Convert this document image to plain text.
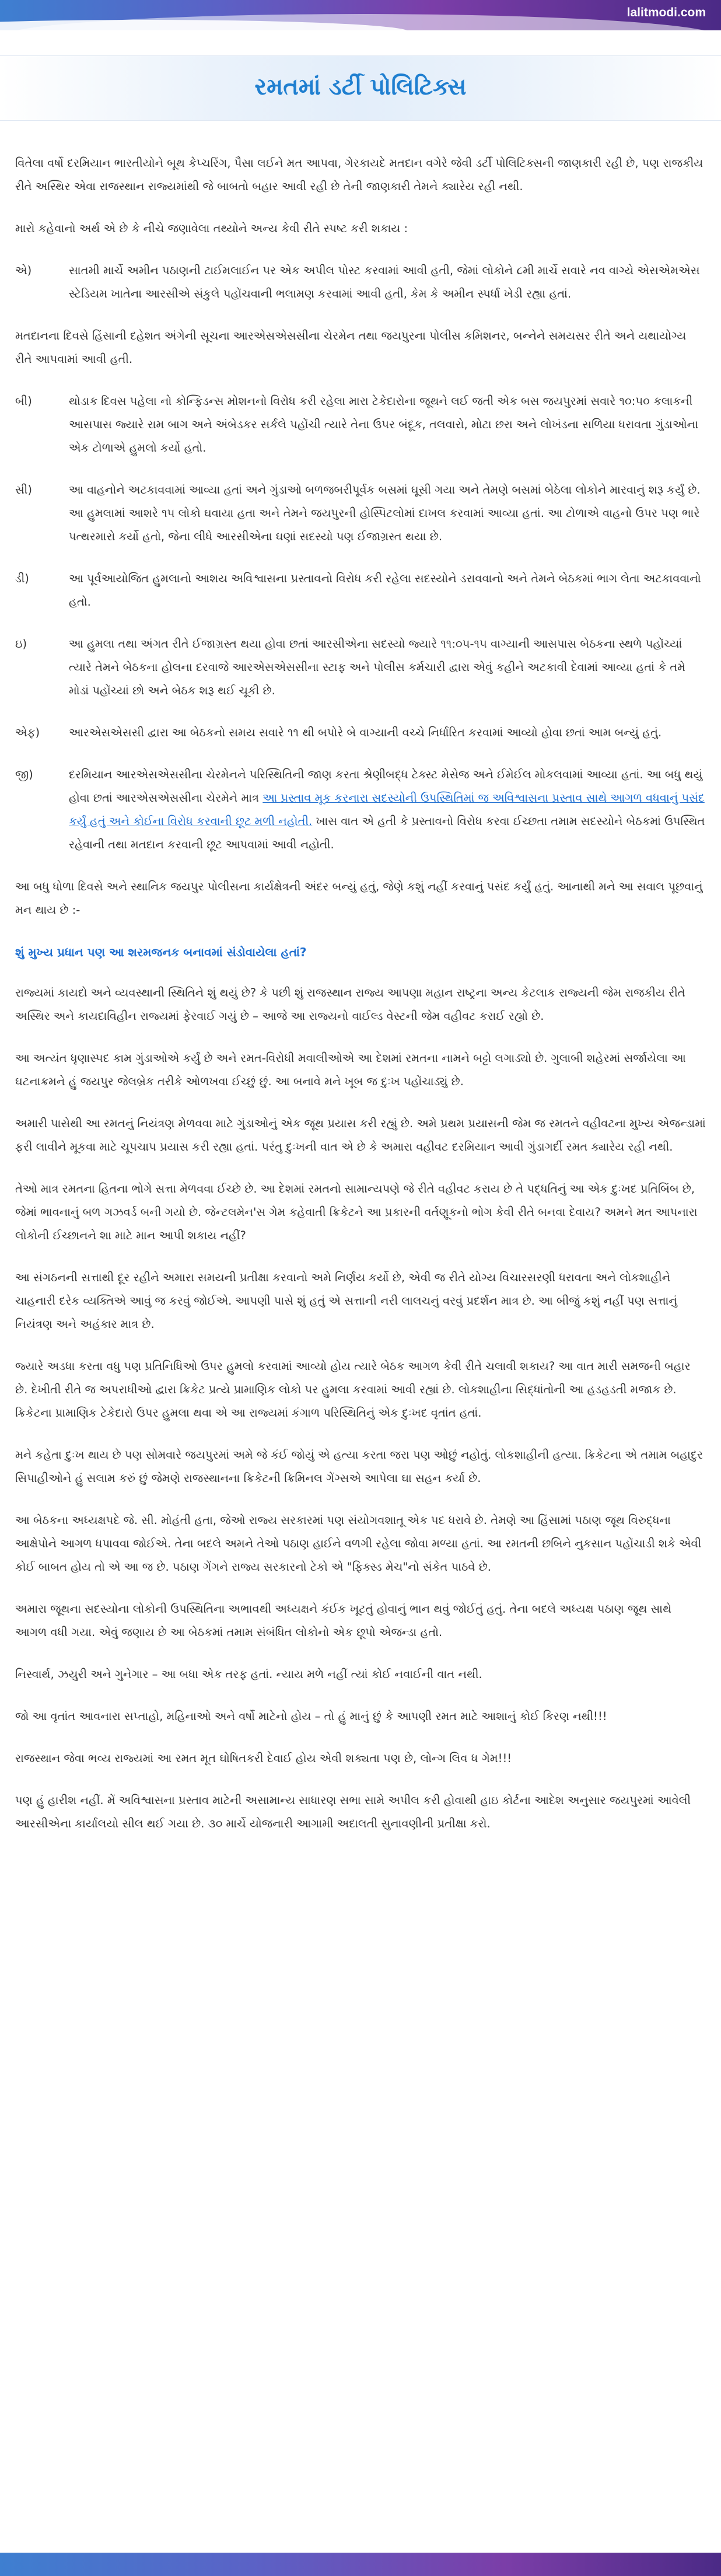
lalitmodi.com
રમતમાં ડર્ટી પોલિટિક્સ

વિતેલા વર્ષો દરમિયાન ભારતીયોને બૂથ કેપ્ચરિંગ, પૈસા લઈને મત આપવા, ગેરકાયદે મતદાન વગેરે જેવી ડર્ટી પોલિટિક્સની જાણકારી રહી છે, પણ રાજકીય રીતે અસ્થિર એવા રાજસ્થાન રાજ્યમાંથી જે બાબતો બહાર આવી રહી છે તેની જાણકારી તેમને ક્યારેય રહી નથી.

મારો કહેવાનો અર્થ એ છે કે નીચે જણાવેલા તથ્યોને અન્ય કેવી રીતે સ્પષ્ટ કરી શકાય :

એ)	સાતમી માર્ચે અમીન પઠાણની ટાઈમલાઈન પર એક અપીલ પોસ્ટ કરવામાં આવી હતી, જેમાં લોકોને ૮મી માર્ચે સવારે નવ વાગ્યે એસએમએસ સ્ટેડિયમ ખાતેના આરસીએ સંકુલે પહોંચવાની ભલામણ કરવામાં આવી હતી, કેમ કે અમીન સ્પર્ધા ખેડી રહ્યા હતાં.

મતદાનના દિવસે હિંસાની દહેશત અંગેની સૂચના આરએસએસસીના ચેરમેન તથા જયપુરના પોલીસ કમિશનર, બન્નેને સમયસર રીતે અને યથાયોગ્ય રીતે આપવામાં આવી હતી.

બી)	થોડાક દિવસ પહેલા નો કોન્ફિડન્સ મોશનનો વિરોધ કરી રહેલા મારા ટેકેદારોના જૂથને લઈ જતી એક બસ જયપુરમાં સવારે ૧૦:૫૦ કલાકની આસપાસ જ્યારે રામ બાગ અને અંબેડકર સર્કલે પહોંચી ત્યારે તેના ઉપર બંદૂક, તલવારો, મોટા છરા અને લોખંડના સળિયા ધરાવતા ગુંડાઓના એક ટોળાએ હુમલો કર્યો હતો.

સી)	આ વાહનોને અટકાવવામાં આવ્યા હતાં અને ગુંડાઓ બળજબરીપૂર્વક બસમાં ઘૂસી ગયા અને તેમણે બસમાં બેઠેલા લોકોને મારવાનું શરૂ કર્યું છે. આ હુમલામાં આશરે ૧૫ લોકો ઘવાયા હતા અને તેમને જયપુરની હોસ્પિટલોમાં દાખલ કરવામાં આવ્યા હતાં. આ ટોળાએ વાહનો ઉપર પણ ભારે પત્થરમારો કર્યો હતો, જેના લીધે આરસીએના ઘણાં સદસ્યો પણ ઈજાગ્રસ્ત થયા છે.

ડી)	આ પૂર્વઆયોજિત હુમલાનો આશય અવિશ્વાસના પ્રસ્તાવનો વિરોધ કરી રહેલા સદસ્યોને ડરાવવાનો અને તેમને બેઠકમાં ભાગ લેતા અટકાવવાનો હતો.

ઇ)	આ હુમલા તથા અંગત રીતે ઈજાગ્રસ્ત થયા હોવા છતાં આરસીએના સદસ્યો જ્યારે ૧૧:૦૫-૧૫ વાગ્યાની આસપાસ બેઠકના સ્થળે પહોંચ્યાં ત્યારે તેમને બેઠકના હોલના દરવાજે આરએસએસસીના સ્ટાફ અને પોલીસ કર્મચારી દ્વારા એવું કહીને અટકાવી દેવામાં આવ્યા હતાં કે તમે મોડાં પહોંચ્યાં છો અને બેઠક શરૂ થઈ ચૂકી છે.

એફ)	આરએસએસસી દ્વારા આ બેઠકનો સમય સવારે ૧૧ થી બપોરે બે વાગ્યાની વચ્ચે નિર્ધારિત કરવામાં આવ્યો હોવા છતાં આમ બન્યું હતું.

જી)	દરમિયાન આરએસએસસીના ચેરમેનને પરિસ્થિતિની જાણ કરતા શ્રેણીબદ્ધ ટેક્સ્ટ મેસેજ અને ઈમેઈલ મોકલવામાં આવ્યા હતાં. આ બધુ થયું હોવા છતાં આરએસએસસીના ચેરમેને માત્ર આ પ્રસ્તાવ મૂક કરનારા સદસ્યોની ઉપસ્થિતિમાં જ અવિશ્વાસના પ્રસ્તાવ સાથે આગળ વધવાનું પસંદ કર્યું હતું અને કોઈના વિરોધ કરવાની છૂટ મળી નહોતી. ખાસ વાત એ હતી કે પ્રસ્તાવનો વિરોધ કરવા ઈચ્છતા તમામ સદસ્યોને બેઠકમાં ઉપસ્થિત રહેવાની તથા મતદાન કરવાની છૂટ આપવામાં આવી નહોતી.

આ બધુ ધોળા દિવસે અને સ્થાનિક જયપુર પોલીસના કાર્યક્ષેત્રની અંદર બન્યું હતું, જેણે કશું નહીં કરવાનું પસંદ કર્યું હતું. આનાથી મને આ સવાલ પૂછવાનું મન થાય છે :-

શું મુખ્ય પ્રધાન પણ આ શરમજનક બનાવમાં સંડોવાયેલા હતાં?

રાજ્યમાં કાયદો અને વ્યવસ્થાની સ્થિતિને શું થયું છે? કે પછી શું રાજસ્થાન રાજ્ય આપણા મહાન રાષ્ટ્રના અન્ય કેટલાક રાજ્યની જેમ રાજકીય રીતે અસ્થિર અને કાયદાવિહીન રાજ્યમાં ફેરવાઈ ગયું છે – આજે આ રાજ્યનો વાઈલ્ડ વેસ્ટની જેમ વહીવટ કરાઈ રહ્યો છે.

આ અત્યંત ધૃણાસ્પદ કામ ગુંડાઓએ કર્યું છે અને રમત-વિરોધી મવાલીઓએ આ દેશમાં રમતના નામને બટ્ટો લગાડ્યો છે. ગુલાબી શહેરમાં સર્જાયેલા આ ઘટનાક્રમને હું જયપુર જેલબ્રેક તરીકે ઓળખવા ઈચ્છું છું. આ બનાવે મને ખૂબ જ દુઃખ પહોંચાડ્યું છે.

અમારી પાસેથી આ રમતનું નિયંત્રણ મેળવવા માટે ગુંડાઓનું એક જૂથ પ્રયાસ કરી રહ્યું છે. અમે પ્રથમ પ્રયાસની જેમ જ રમતને વહીવટના મુખ્ય એજન્ડામાં ફરી લાવીને મૂકવા માટે ચૂપચાપ પ્રયાસ કરી રહ્યા હતાં. પરંતુ દુઃખની વાત એ છે કે અમારા વહીવટ દરમિયાન આવી ગુંડાગર્દી રમત ક્યારેય રહી નથી.

તેઓ માત્ર રમતના હિતના ભોગે સત્તા મેળવવા ઈચ્છે છે. આ દેશમાં રમતનો સામાન્યપણે જે રીતે વહીવટ કરાય છે તે પદ્ધતિનું આ એક દુઃખદ પ્રતિબિંબ છે, જેમાં ભાવનાનું બળ ગઝવર્ડ બની ગયો છે. જેન્ટલમેન'સ ગેમ કહેવાતી ક્રિકેટને આ પ્રકારની વર્તણૂકનો ભોગ કેવી રીતે બનવા દેવાય? અમને મત આપનારા લોકોની ઈચ્છાનને શા માટે માન આપી શકાય નહીં?

આ સંગઠનની સત્તાથી દૂર રહીને અમારા સમયની પ્રતીક્ષા કરવાનો અમે નિર્ણય કર્યો છે, એવી જ રીતે યોગ્ય વિચારસરણી ધરાવતા અને લોકશાહીને ચાહનારી દરેક વ્યક્તિએ આવું જ કરવું જોઈએ. આપણી પાસે શું હતું એ સત્તાની નરી લાલચનું વરવું પ્રદર્શન માત્ર છે. આ બીજું કશું નહીં પણ સત્તાનું નિયંત્રણ અને અહંકાર માત્ર છે.

જ્યારે અડધા કરતા વધુ પણ પ્રતિનિધિઓ ઉપર હુમલો કરવામાં આવ્યો હોય ત્યારે બેઠક આગળ કેવી રીતે ચલાવી શકાય? આ વાત મારી સમજની બહાર છે. દેખીતી રીતે જ અપરાધીઓ દ્વારા ક્રિકેટ પ્રત્યે પ્રામાણિક લોકો પર હુમલા કરવામાં આવી રહ્યાં છે. લોકશાહીના સિદ્ધાંતોની આ હડહડતી મજાક છે. ક્રિકેટના પ્રામાણિક ટેકેદારો ઉપર હુમલા થવા એ આ રાજ્યમાં કંગાળ પરિસ્થિતિનું એક દુઃખદ વૃતાંત હતાં.

મને કહેતા દુઃખ થાય છે પણ સોમવારે જયપુરમાં અમે જે કંઈ જોયું એ હત્યા કરતા જરા પણ ઓછું નહોતું. લોકશાહીની હત્યા. ક્રિકેટના એ તમામ બહાદુર સિપાહીઓને હું સલામ કરું છું જેમણે રાજસ્થાનના ક્રિકેટની ક્રિમિનલ ગેંગ્સએ આપેલા ઘા સહન કર્યા છે.

આ બેઠકના અધ્યક્ષપદે જે. સી. મોહંતી હતા, જેઓ રાજ્ય સરકારમાં પણ સંયોગવશાતૂ એક પદ ધરાવે છે. તેમણે આ હિંસામાં પઠાણ જૂથ વિરુદ્ધના આક્ષેપોને આગળ ધપાવવા જોઈએ. તેના બદલે અમને તેઓ પઠાણ હાઈને વળગી રહેલા જોવા મળ્યા હતાં. આ રમતની છબિને નુકસાન પહોંચાડી શકે એવી કોઈ બાબત હોય તો એ આ જ છે. પઠાણ ગેંગને રાજ્ય સરકારનો ટેકો એ "ફિક્સ્ડ મેચ"નો સંકેત પાઠવે છે.

અમારા જૂથના સદસ્યોના લોકોની ઉપસ્થિતિના અભાવથી અધ્યક્ષને કંઈક ખૂટતું હોવાનું ભાન થવું જોઈતું હતું. તેના બદલે અધ્યક્ષ પઠાણ જૂથ સાથે આગળ વધી ગયા. એવું જણાય છે આ બેઠકમાં તમામ સંબંધિત લોકોનો એક છૂપો એજન્ડા હતો.

નિસ્વાર્થ, ઝયુરી અને ગુનેગાર – આ બધા એક તરફ હતાં. ન્યાય મળે નહીં ત્યાં કોઈ નવાઈની વાત નથી.

જો આ વૃતાંત આવનારા સપ્તાહો, મહિનાઓ અને વર્ષો માટેનો હોય – તો હું માનું છું કે આપણી રમત માટે આશાનું કોઈ કિરણ નથી!!!

રાજસ્થાન જેવા ભવ્ય રાજ્યમાં આ રમત મૂત ઘોષિતકરી દેવાઈ હોય એવી શક્યતા પણ છે, લોન્ગ લિવ ધ ગેમ!!!

પણ હું હારીશ નહીં. મેં અવિશ્વાસના પ્રસ્તાવ માટેની અસામાન્ય સાધારણ સભા સામે અપીલ કરી હોવાથી હાઇ કોર્ટના આદેશ અનુસાર જયપુરમાં આવેલી આરસીએના કાર્યાલયો સીલ થઈ ગયા છે. ૩૦ માર્ચે યોજનારી આગામી અદાલતી સુનાવણીની પ્રતીક્ષા કરો.
